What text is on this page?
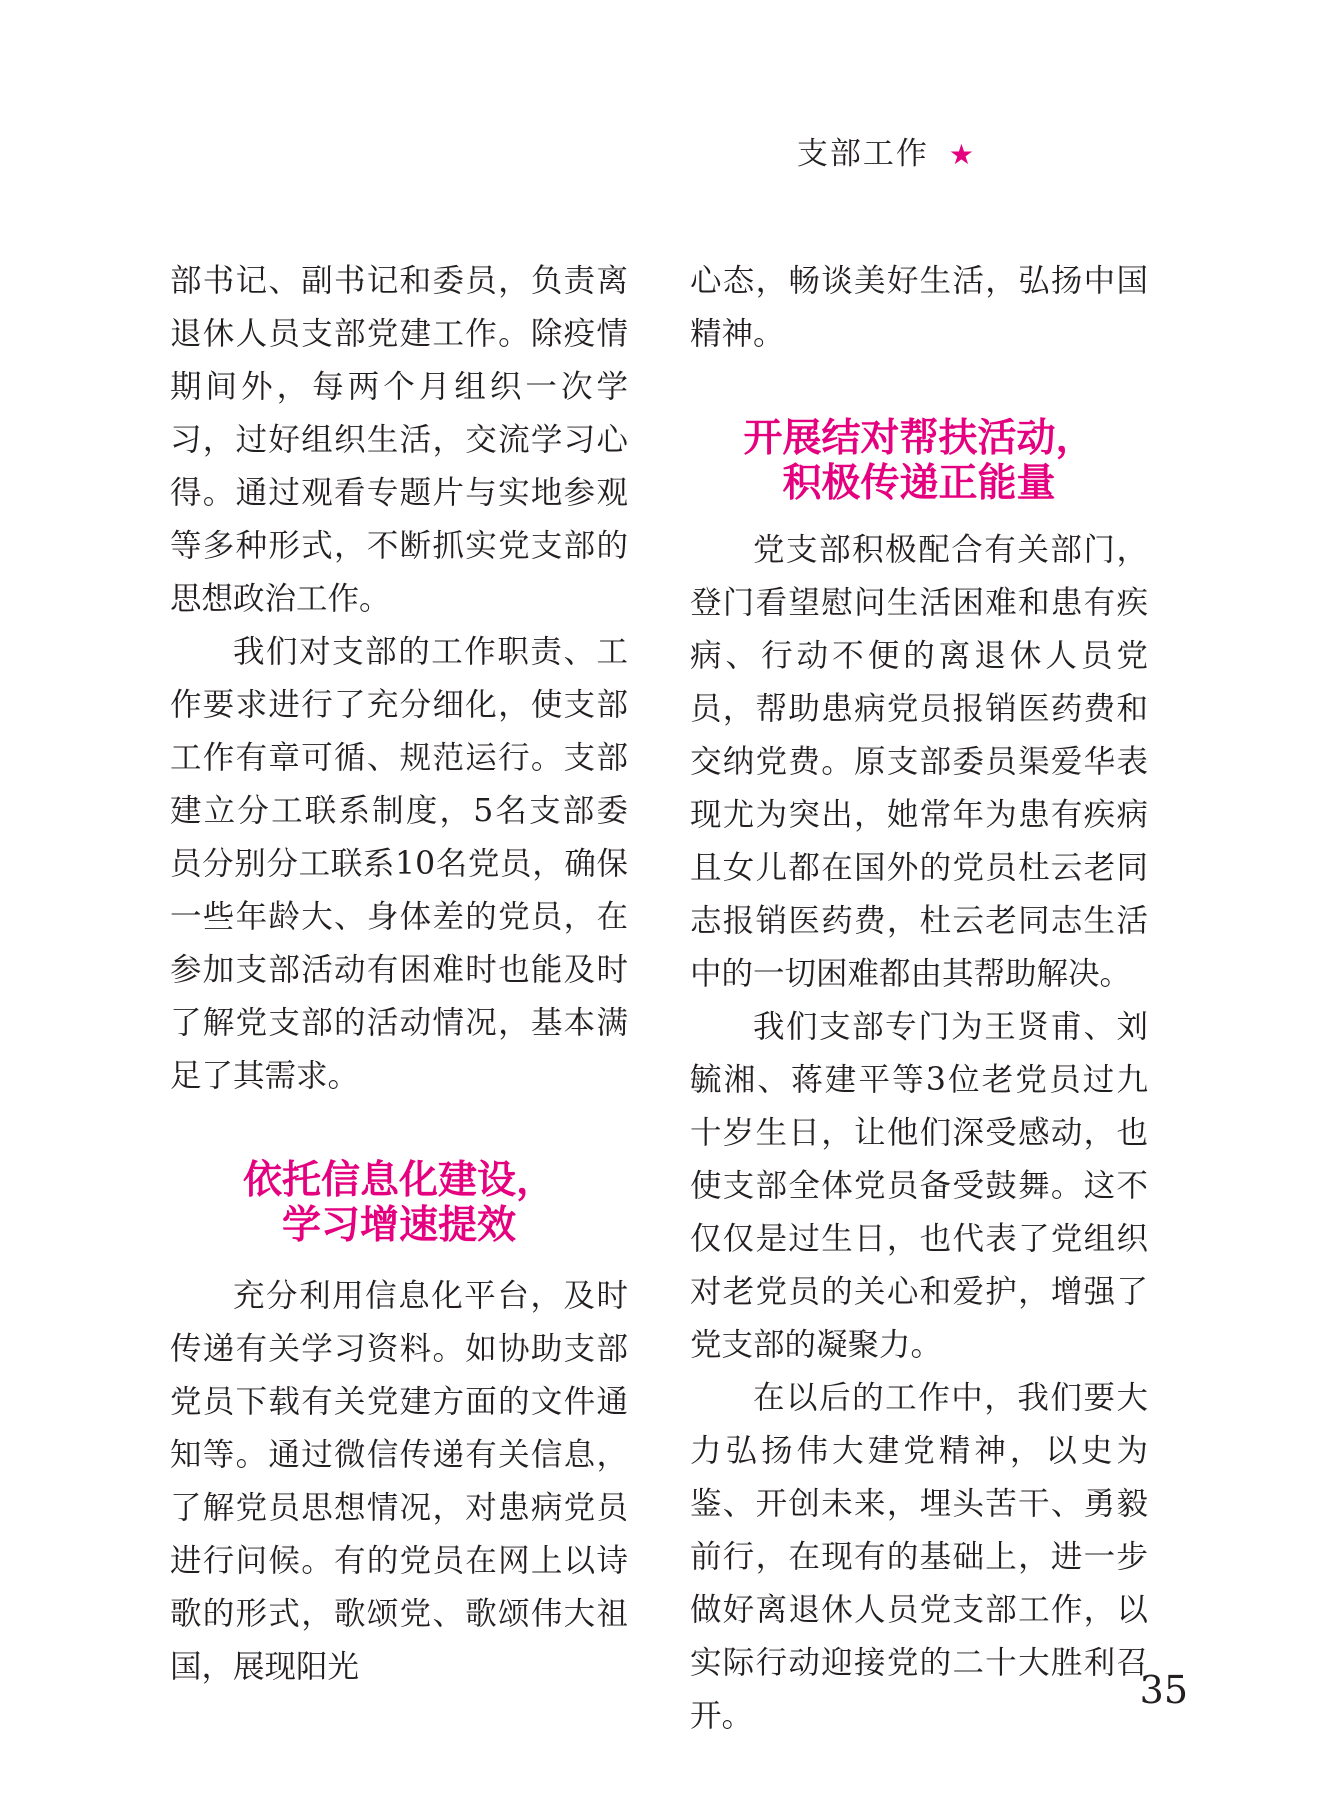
支部工作 ★

部书记、副书记和委员，负责离退休人员支部党建工作。除疫情期间外，每两个月组织一次学习，过好组织生活，交流学习心得。通过观看专题片与实地参观等多种形式，不断抓实党支部的思想政治工作。

我们对支部的工作职责、工作要求进行了充分细化，使支部工作有章可循、规范运行。支部建立分工联系制度，5名支部委员分别分工联系10名党员，确保一些年龄大、身体差的党员，在参加支部活动有困难时也能及时了解党支部的活动情况，基本满足了其需求。

依托信息化建设，
学习增速提效

充分利用信息化平台，及时传递有关学习资料。如协助支部党员下载有关党建方面的文件通知等。通过微信传递有关信息，了解党员思想情况，对患病党员进行问候。有的党员在网上以诗歌的形式，歌颂党、歌颂伟大祖国，展现阳光

心态，畅谈美好生活，弘扬中国精神。

开展结对帮扶活动，
积极传递正能量

党支部积极配合有关部门，登门看望慰问生活困难和患有疾病、行动不便的离退休人员党员，帮助患病党员报销医药费和交纳党费。原支部委员渠爱华表现尤为突出，她常年为患有疾病且女儿都在国外的党员杜云老同志报销医药费，杜云老同志生活中的一切困难都由其帮助解决。

我们支部专门为王贤甫、刘毓湘、蒋建平等3位老党员过九十岁生日，让他们深受感动，也使支部全体党员备受鼓舞。这不仅仅是过生日，也代表了党组织对老党员的关心和爱护，增强了党支部的凝聚力。

在以后的工作中，我们要大力弘扬伟大建党精神，以史为鉴、开创未来，埋头苦干、勇毅前行，在现有的基础上，进一步做好离退休人员党支部工作，以实际行动迎接党的二十大胜利召开。

35
